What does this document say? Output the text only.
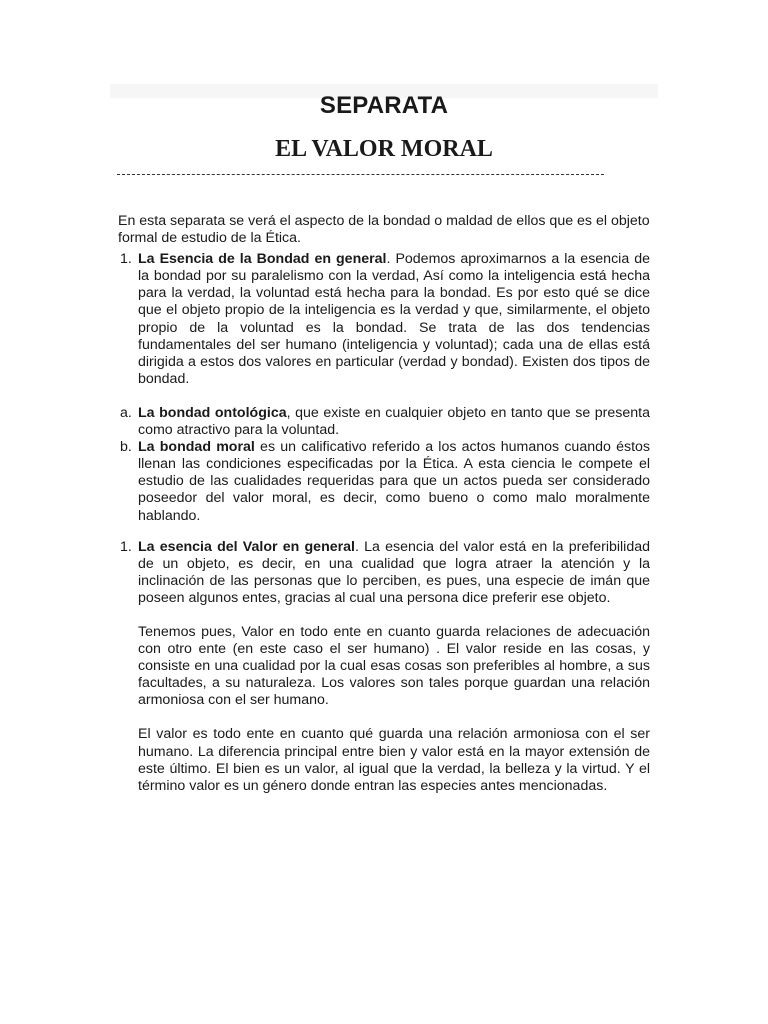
SEPARATA
EL VALOR MORAL

En esta separata se verá el aspecto de la bondad o maldad de ellos que es el objeto formal de estudio de la Ética.

1. La Esencia de la Bondad en general. Podemos aproximarnos a la esencia de la bondad por su paralelismo con la verdad, Así como la inteligencia está hecha para la verdad, la voluntad está hecha para la bondad. Es por esto qué se dice que el objeto propio de la inteligencia es la verdad y que, similarmente, el objeto propio de la voluntad es la bondad. Se trata de las dos tendencias fundamentales del ser humano (inteligencia y voluntad); cada una de ellas está dirigida a estos dos valores en particular (verdad y bondad). Existen dos tipos de bondad.

a. La bondad ontológica, que existe en cualquier objeto en tanto que se presenta como atractivo para la voluntad.

b. La bondad moral es un calificativo referido a los actos humanos cuando éstos llenan las condiciones especificadas por la Ética. A esta ciencia le compete el estudio de las cualidades requeridas para que un actos pueda ser considerado poseedor del valor moral, es decir, como bueno o como malo moralmente hablando.

1. La esencia del Valor en general. La esencia del valor está en la preferibilidad de un objeto, es decir, en una cualidad que logra atraer la atención y la inclinación de las personas que lo perciben, es pues, una especie de imán que poseen algunos entes, gracias al cual una persona dice preferir ese objeto.

Tenemos pues, Valor en todo ente en cuanto guarda relaciones de adecuación con otro ente (en este caso el ser humano) . El valor reside en las cosas, y consiste en una cualidad por la cual esas cosas son preferibles al hombre, a sus facultades, a su naturaleza. Los valores son tales porque guardan una relación armoniosa con el ser humano.

El valor es todo ente en cuanto qué guarda una relación armoniosa con el ser humano. La diferencia principal entre bien y valor está en la mayor extensión de este último. El bien es un valor, al igual que la verdad, la belleza y la virtud. Y el término valor es un género donde entran las especies antes mencionadas.
